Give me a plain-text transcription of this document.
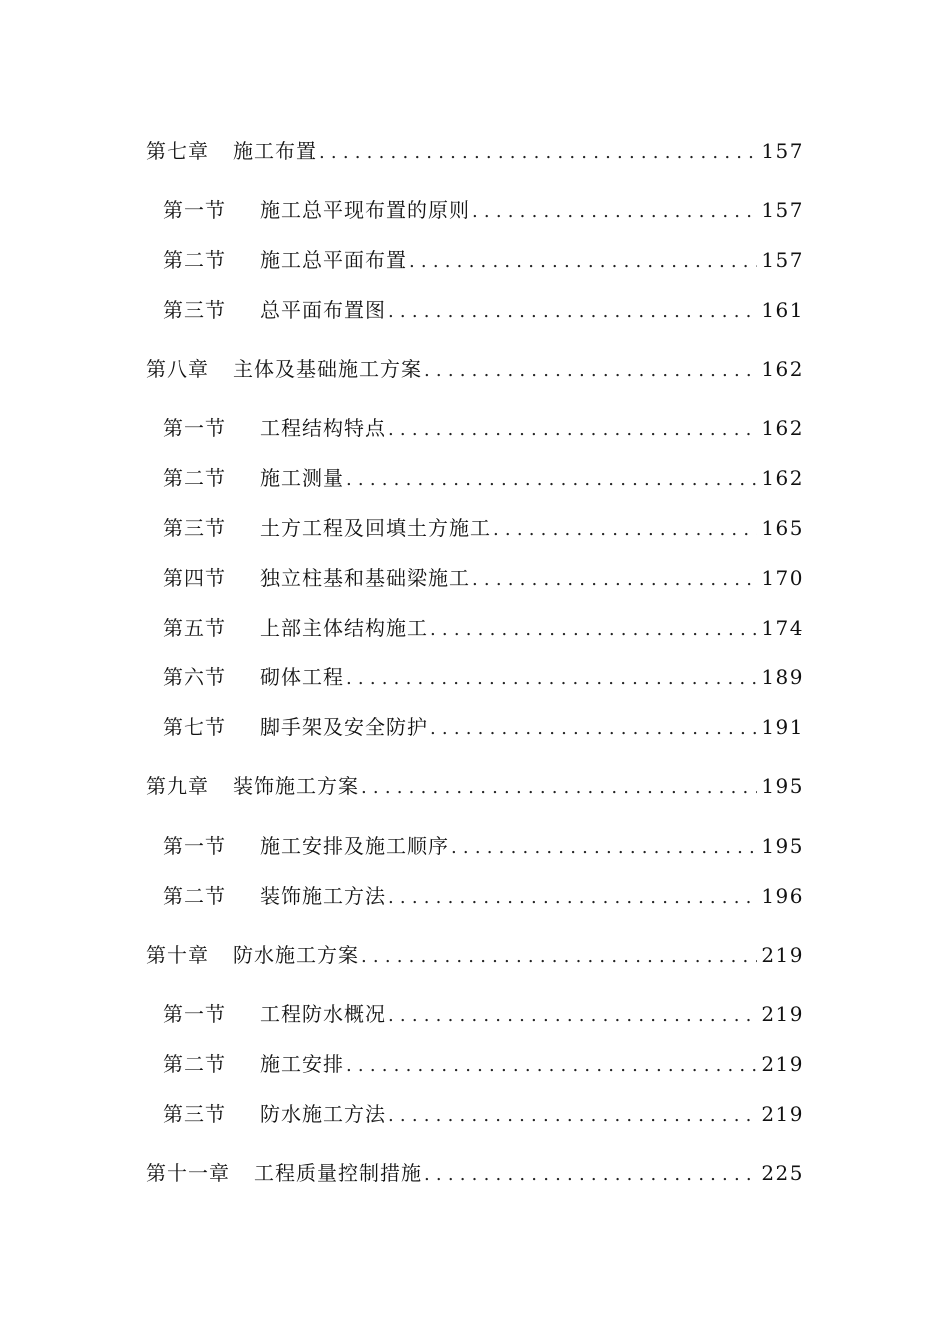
第七章 施工布置 .....	157
第一节 施工总平现布置的原则 .....	157
第二节 施工总平面布置 .....	157
第三节 总平面布置图 .....	161
第八章 主体及基础施工方案 .....	162
第一节 工程结构特点 .....	162
第二节 施工测量 .....	162
第三节 土方工程及回填土方施工 .....	165
第四节 独立柱基和基础梁施工 .....	170
第五节 上部主体结构施工 .....	174
第六节 砌体工程 .....	189
第七节 脚手架及安全防护 .....	191
第九章 装饰施工方案 .....	195
第一节 施工安排及施工顺序 .....	195
第二节 装饰施工方法 .....	196
第十章 防水施工方案 .....	219
第一节 工程防水概况 .....	219
第二节 施工安排 .....	219
第三节 防水施工方法 .....	219
第十一章 工程质量控制措施 .....	225
